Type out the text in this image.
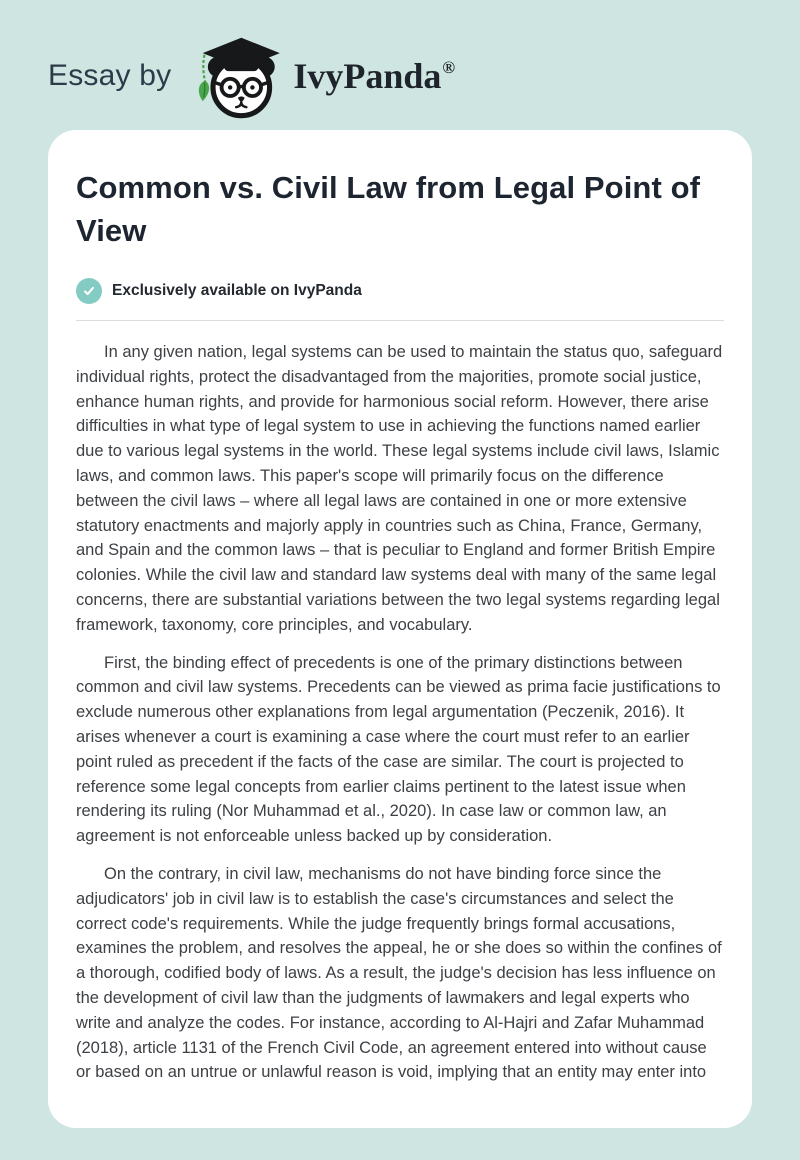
Essay by	IvyPanda®
Common vs. Civil Law from Legal Point of View
Exclusively available on IvyPanda

In any given nation, legal systems can be used to maintain the status quo, safeguard individual rights, protect the disadvantaged from the majorities, promote social justice, enhance human rights, and provide for harmonious social reform. However, there arise difficulties in what type of legal system to use in achieving the functions named earlier due to various legal systems in the world. These legal systems include civil laws, Islamic laws, and common laws. This paper's scope will primarily focus on the difference between the civil laws – where all legal laws are contained in one or more extensive statutory enactments and majorly apply in countries such as China, France, Germany, and Spain and the common laws – that is peculiar to England and former British Empire colonies. While the civil law and standard law systems deal with many of the same legal concerns, there are substantial variations between the two legal systems regarding legal framework, taxonomy, core principles, and vocabulary.

First, the binding effect of precedents is one of the primary distinctions between common and civil law systems. Precedents can be viewed as prima facie justifications to exclude numerous other explanations from legal argumentation (Peczenik, 2016). It arises whenever a court is examining a case where the court must refer to an earlier point ruled as precedent if the facts of the case are similar. The court is projected to reference some legal concepts from earlier claims pertinent to the latest issue when rendering its ruling (Nor Muhammad et al., 2020). In case law or common law, an agreement is not enforceable unless backed up by consideration.

On the contrary, in civil law, mechanisms do not have binding force since the adjudicators' job in civil law is to establish the case's circumstances and select the correct code's requirements. While the judge frequently brings formal accusations, examines the problem, and resolves the appeal, he or she does so within the confines of a thorough, codified body of laws. As a result, the judge's decision has less influence on the development of civil law than the judgments of lawmakers and legal experts who write and analyze the codes. For instance, according to Al-Hajri and Zafar Muhammad (2018), article 1131 of the French Civil Code, an agreement entered into without cause or based on an untrue or unlawful reason is void, implying that an entity may enter into
